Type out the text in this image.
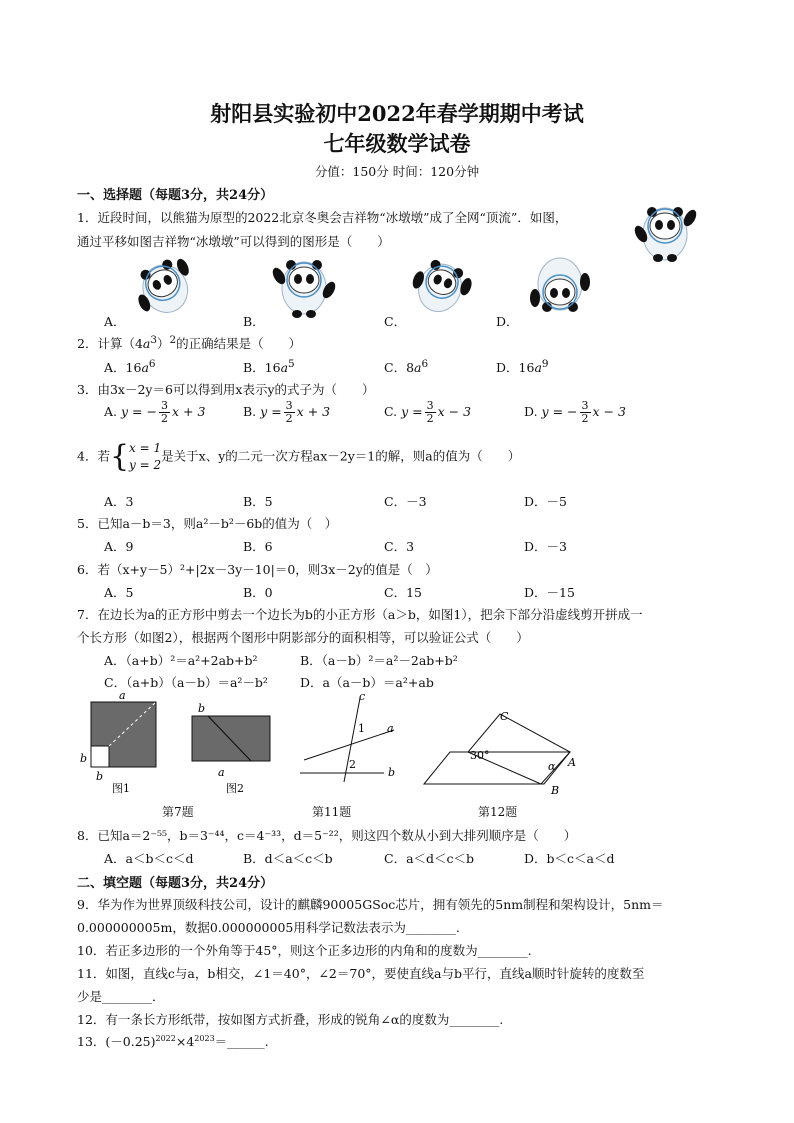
射阳县实验初中2022年春学期期中考试
七年级数学试卷
分值：150分 时间：120分钟
一、选择题（每题3分，共24分）
1．近段时间，以熊猫为原型的2022北京冬奥会吉祥物“冰墩墩”成了全网“顶流”．如图，
通过平移如图吉祥物“冰墩墩”可以得到的图形是（　　）
A．	B．	C．	D．
2．计算$(4a^3)^2$的正确结果是（　　）
A．$16a^6$	B．$16a^5$	C．$8a^6$	D．$16a^9$
3．由3x－2y＝6可以得到用x表示y的式子为（　　）
A. y = − $\frac{3}{2}$ x + 3	B. $y = \frac{3}{2}$ x + 3	C. $y = \frac{3}{2}$ x − 3	D. y = − $\frac{3}{2}$ x − 3
4．若{ x = 1
y = 2
是关于x、y的二元一次方程ax－2y＝1的解，则a的值为（　　）
A．3	B．5	C．－3	D．－5
5．已知a－b＝3，则a²－b²－6b的值为（　）
A．9	B．6	C．3	D．－3
6．若（x+y－5）²+|2x－3y－10|＝0，则3x－2y的值是（　）
A．5	B．0	C．15	D．－15
7．在边长为a的正方形中剪去一个边长为b的小正方形（a＞b，如图1），把余下部分沿虚线剪开拼成一
个长方形（如图2），根据两个图形中阴影部分的面积相等，可以验证公式（　　）
A．（a+b）²＝a²+2ab+b²	B．（a－b）²＝a²－2ab+b²
C．（a+b）（a－b）＝a²－b²	D．a（a－b）＝a²+ab
a
b
b
图1
b
a
图2
c
a
b
1
2
C
A
B
α
30°
第7题	第11题	第12题
8．已知a＝2⁻⁵⁵，b＝3⁻⁴⁴，c＝4⁻³³，d＝5⁻²²，则这四个数从小到大排列顺序是（　　）
A．a＜b＜c＜d	B．d＜a＜c＜b	C．a＜d＜c＜b	D．b＜c＜a＜d
二、填空题（每题3分，共24分）
9．华为作为世界顶级科技公司，设计的麒麟90005GSoc芯片，拥有领先的5nm制程和架构设计，5nm＝
0.000000005m，数据0.000000005用科学记数法表示为________.
10．若正多边形的一个外角等于45°，则这个正多边形的内角和的度数为________.
11．如图，直线c与a，b相交，∠1＝40°，∠2＝70°，要使直线a与b平行，直线a顺时针旋转的度数至
少是________．
12．有一条长方形纸带，按如图方式折叠，形成的锐角∠α的度数为________.
13．$(-0.25)^{2022}\times 4^{2023}=\_\_\_\_\_\_$.
